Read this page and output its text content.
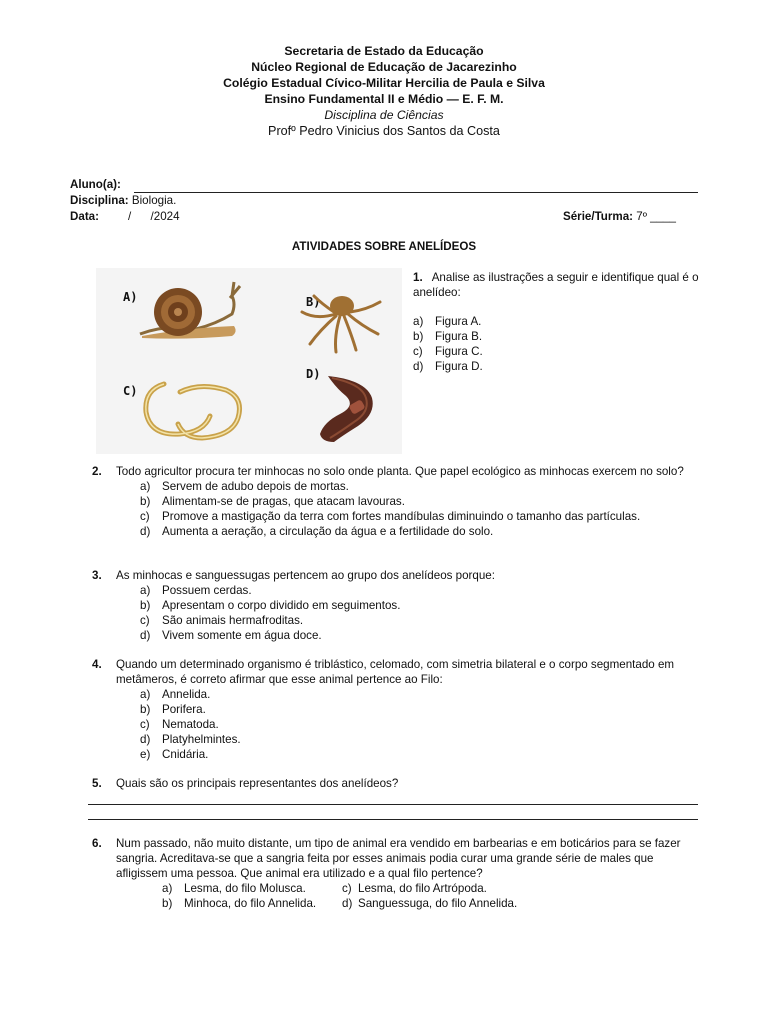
Secretaria de Estado da Educação
Núcleo Regional de Educação de Jacarezinho
Colégio Estadual Cívico-Militar Hercilia de Paula e Silva
Ensino Fundamental II e Médio — E. F. M.
Disciplina de Ciências
Profº Pedro Vinicius dos Santos da Costa
Aluno(a):
Disciplina: Biologia.
Data:	/      /2024	Série/Turma: 7º ____
ATIVIDADES SOBRE ANELÍDEOS
A)	B)
C)
D)
1. Analise as ilustrações a seguir e identifique qual é o anelídeo:
a)	Figura A.
b)	Figura B.
c)	Figura C.
d)	Figura D.
2. Todo agricultor procura ter minhocas no solo onde planta. Que papel ecológico as minhocas exercem no solo?
a)	Servem de adubo depois de mortas.
b)	Alimentam-se de pragas, que atacam lavouras.
c)	Promove a mastigação da terra com fortes mandíbulas diminuindo o tamanho das partículas.
d)	Aumenta a aeração, a circulação da água e a fertilidade do solo.
3. As minhocas e sanguessugas pertencem ao grupo dos anelídeos porque:
a)	Possuem cerdas.
b)	Apresentam o corpo dividido em seguimentos.
c)	São animais hermafroditas.
d)	Vivem somente em água doce.
4. Quando um determinado organismo é triblástico, celomado, com simetria bilateral e o corpo segmentado em metâmeros, é correto afirmar que esse animal pertence ao Filo:
a)	Annelida.
b)	Porifera.
c)	Nematoda.
d)	Platyhelmintes.
e)	Cnidária.
5. Quais são os principais representantes dos anelídeos?
6. Num passado, não muito distante, um tipo de animal era vendido em barbearias e em boticários para se fazer sangria. Acreditava-se que a sangria feita por esses animais podia curar uma grande série de males que afligissem uma pessoa. Que animal era utilizado e a qual filo pertence?
a)	Lesma, do filo Molusca.	c) Lesma, do filo Artrópoda.
b)	Minhoca, do filo Annelida. d) Sanguessuga, do filo Annelida.
